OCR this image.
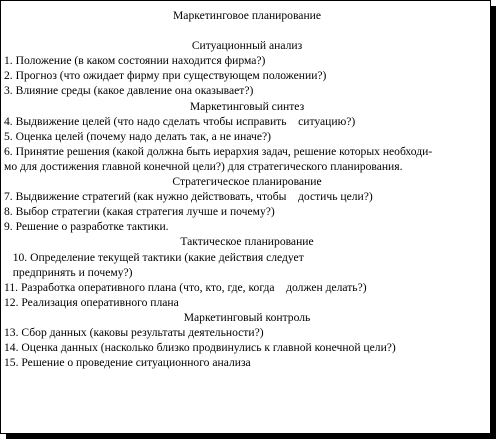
Маркетинговое планирование
Ситуационный анализ
1. Положение (в каком состоянии находится фирма?)
2. Прогноз (что ожидает фирму при существующем положении?)
3. Влияние среды (какое давление она оказывает?)
Маркетинговый синтез
4. Выдвижение целей (что надо сделать чтобы исправить    ситуацию?)
5. Оценка целей (почему надо делать так, а не иначе?)
6. Принятие решения (какой должна быть иерархия задач, решение которых необходи-
мо для достижения главной конечной цели?) для стратегического планирования.
Стратегическое планирование
7. Выдвижение стратегий (как нужно действовать, чтобы    достичь цели?)
8. Выбор стратегии (какая стратегия лучше и почему?)
9. Решение о разработке тактики.
Тактическое планирование
10. Определение текущей тактики (какие действия следует
предпринять и почему?)
11. Разработка оперативного плана (что, кто, где, когда    должен делать?)
12. Реализация оперативного плана
Маркетинговый контроль
13. Сбор данных (каковы результаты деятельности?)
14. Оценка данных (насколько близко продвинулись к главной конечной цели?)
15. Решение о проведение ситуационного анализа
